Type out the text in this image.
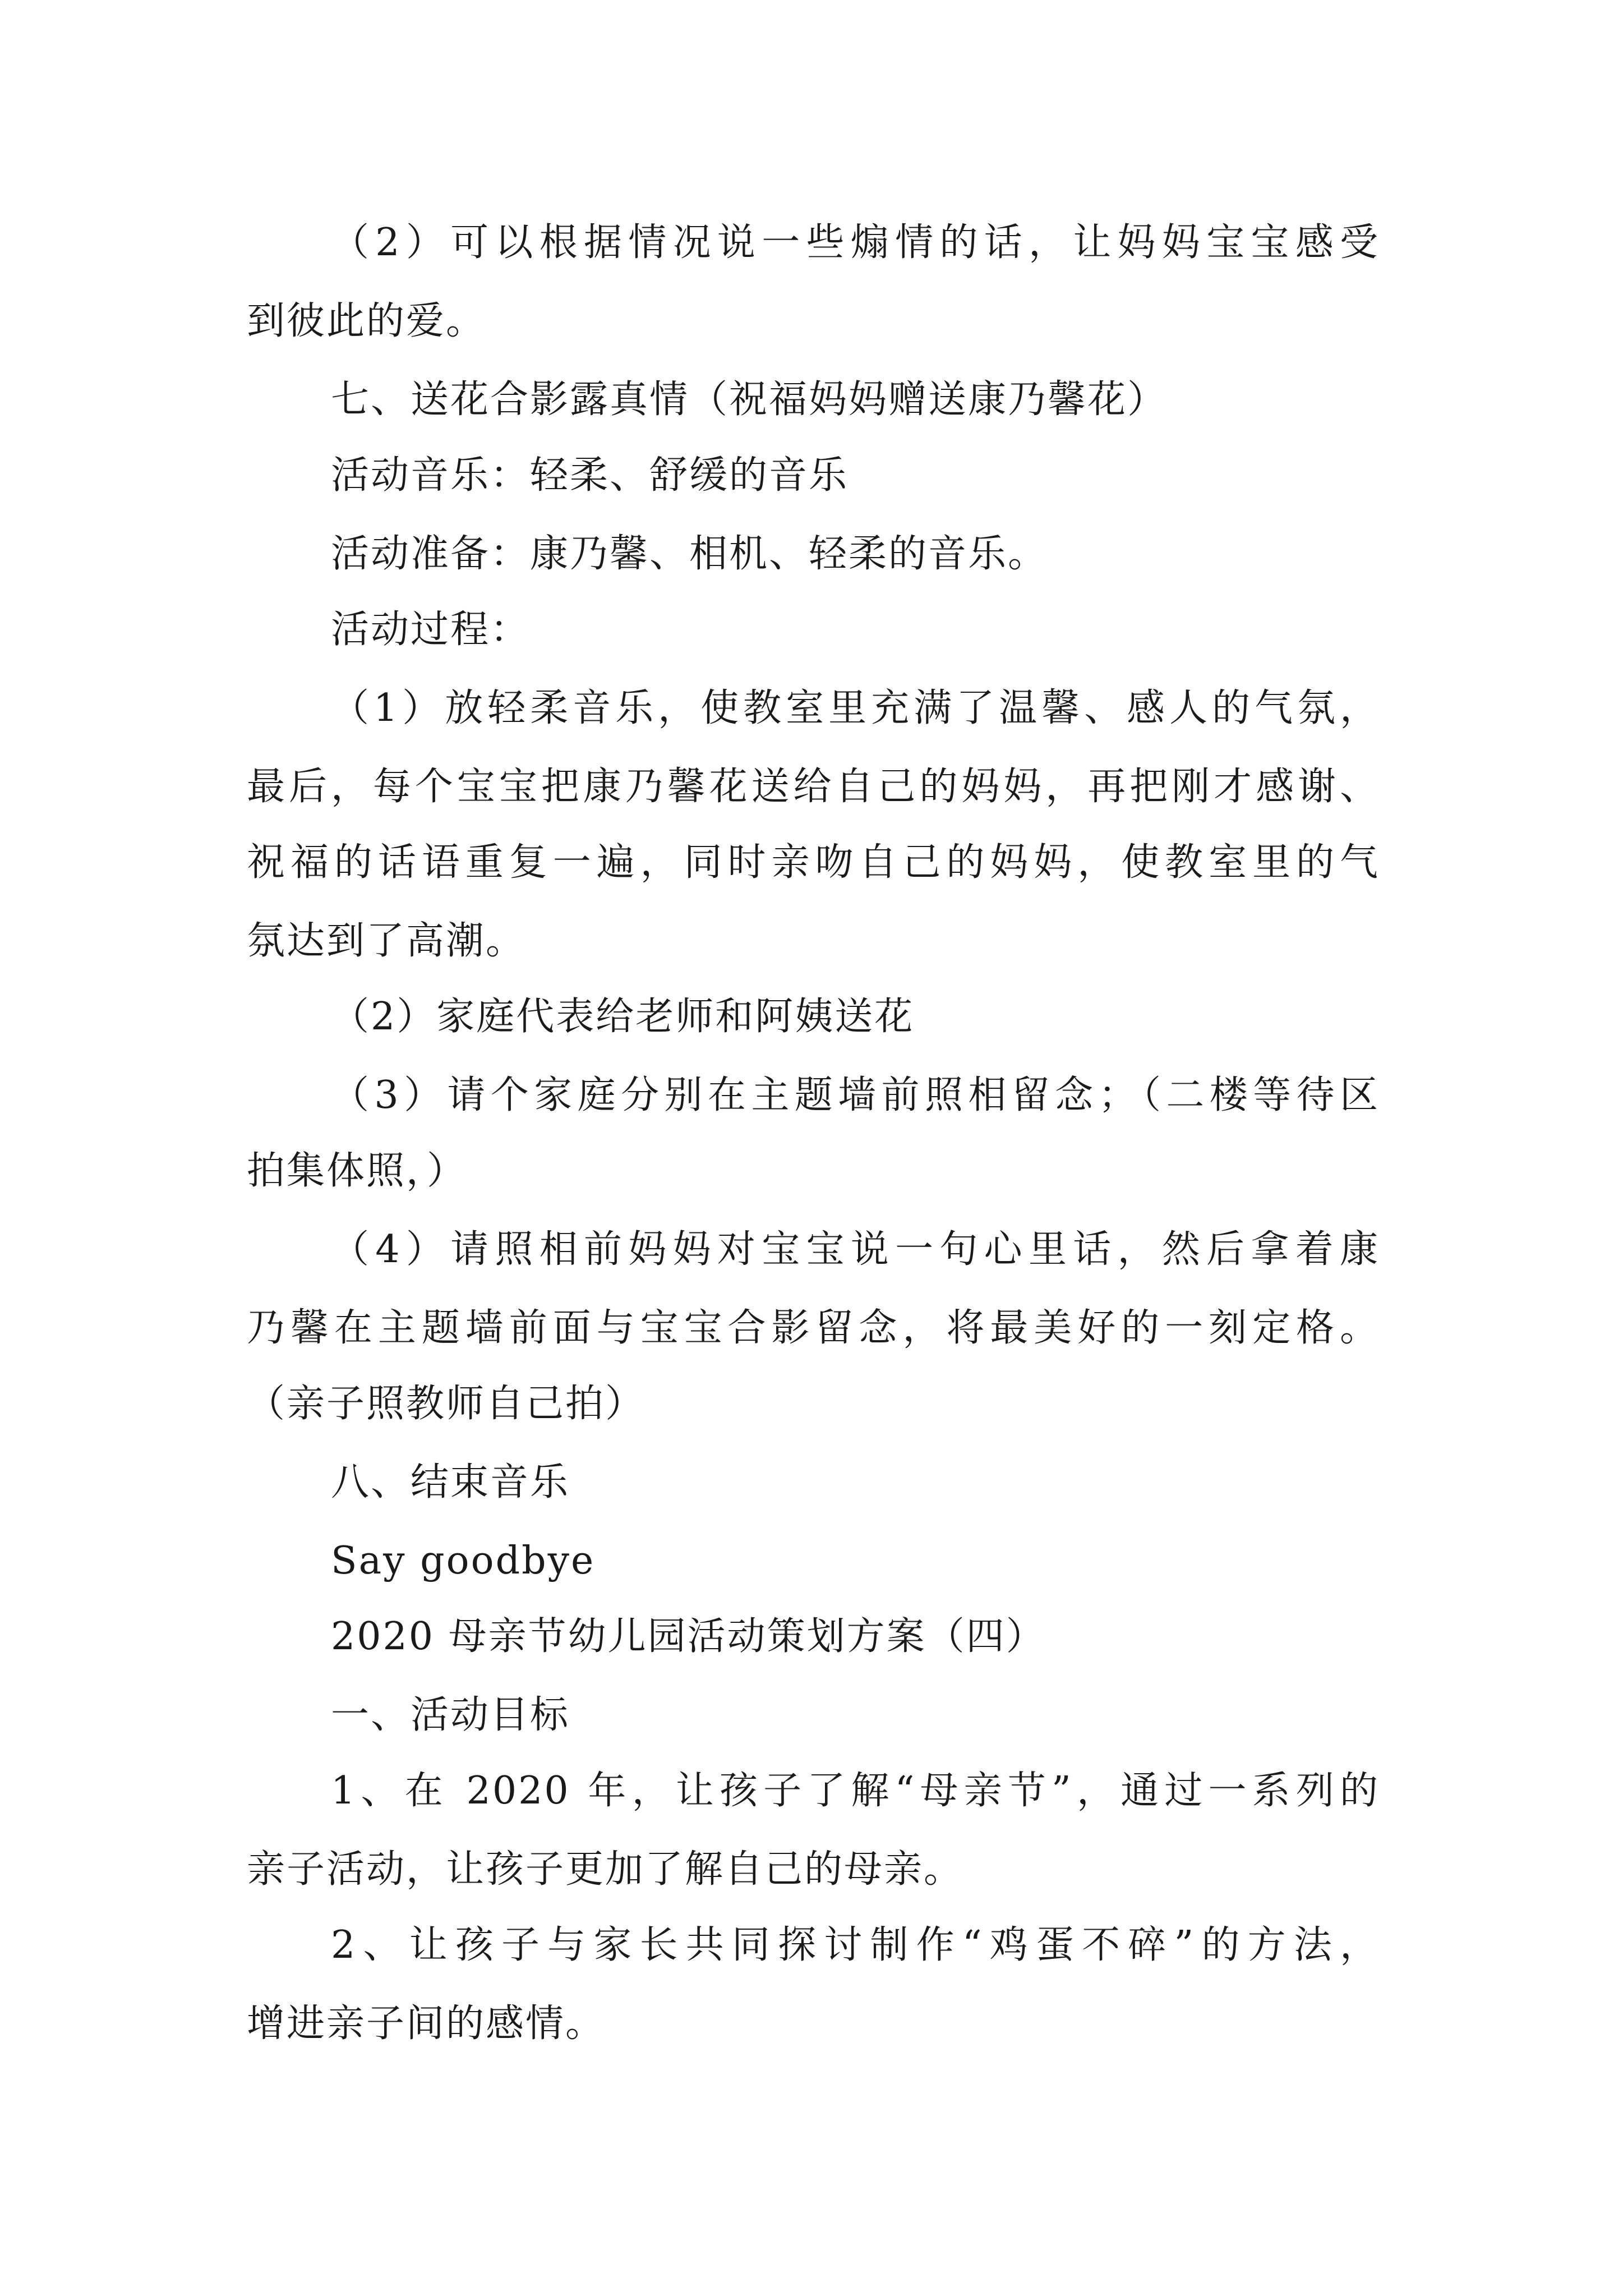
（2）可以根据情况说一些煽情的话，让妈妈宝宝感受

到彼此的爱。

七、送花合影露真情（祝福妈妈赠送康乃馨花）

活动音乐：轻柔、舒缓的音乐

活动准备：康乃馨、相机、轻柔的音乐。

活动过程：

（1）放轻柔音乐，使教室里充满了温馨、感人的气氛，

最后，每个宝宝把康乃馨花送给自己的妈妈，再把刚才感谢、

祝福的话语重复一遍，同时亲吻自己的妈妈，使教室里的气

氛达到了高潮。

（2）家庭代表给老师和阿姨送花

（3）请个家庭分别在主题墙前照相留念；（二楼等待区

拍集体照，）

（4）请照相前妈妈对宝宝说一句心里话，然后拿着康

乃馨在主题墙前面与宝宝合影留念，将最美好的一刻定格。

（亲子照教师自己拍）

八、结束音乐

Say goodbye

2020 母亲节幼儿园活动策划方案（四）

一、活动目标

1、在 2020 年，让孩子了解“母亲节”，通过一系列的

亲子活动，让孩子更加了解自己的母亲。

2、让孩子与家长共同探讨制作“鸡蛋不碎”的方法，

增进亲子间的感情。
